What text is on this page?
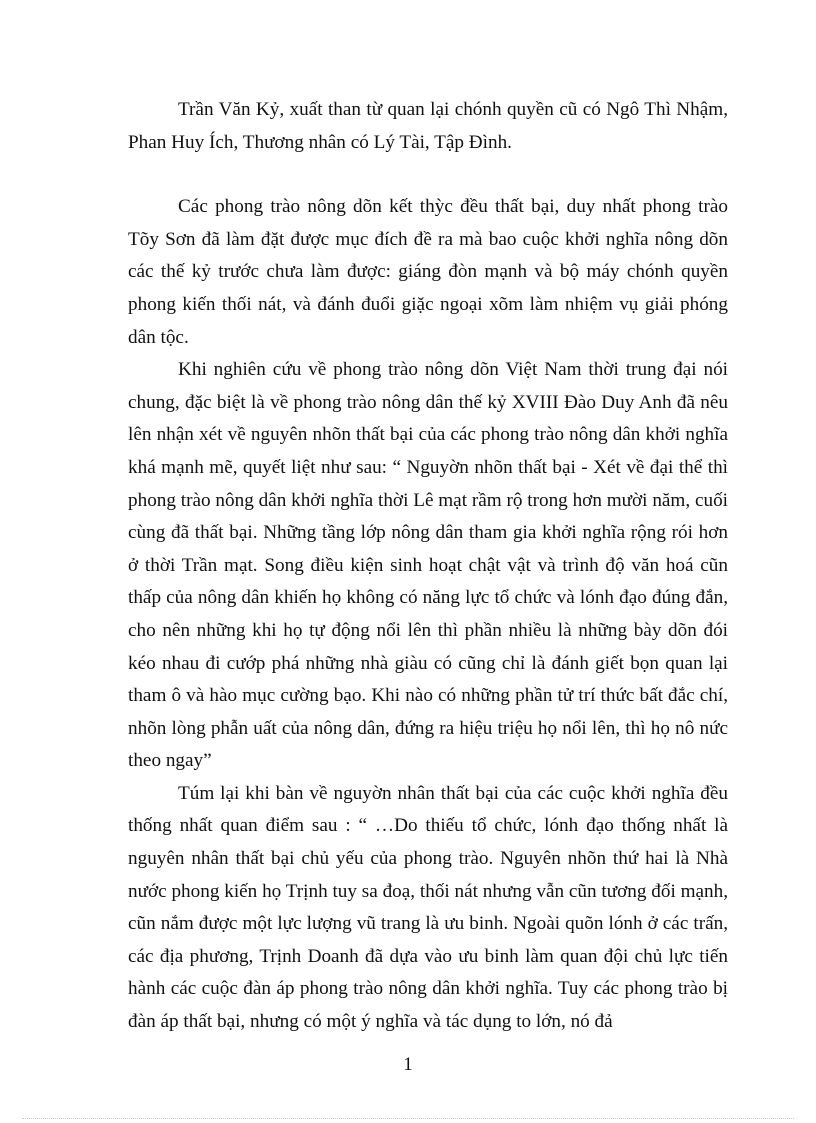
Trần Văn Kỷ, xuất than từ quan lại chónh quyền cũ có Ngô Thì Nhậm, Phan Huy Ích, Thương nhân có Lý Tài, Tập Đình.

Các phong trào nông dõn kết thỳc đều thất bại, duy nhất phong trào Tõy Sơn đã làm đặt được mục đích đề ra mà bao cuộc khởi nghĩa nông dõn các thế kỷ trước chưa làm được: giáng đòn mạnh và bộ máy chónh quyền phong kiến thối nát, và đánh đuổi giặc ngoại xõm làm nhiệm vụ giải phóng dân tộc.

Khi nghiên cứu về phong trào nông dõn Việt Nam thời trung đại nói chung, đặc biệt là về phong trào nông dân thế kỷ XVIII Đào Duy Anh đã nêu lên nhận xét về nguyên nhõn thất bại của các phong trào nông dân khởi nghĩa khá mạnh mẽ, quyết liệt như sau: “ Nguyờn nhõn thất bại - Xét về đại thể thì phong trào nông dân khởi nghĩa thời Lê mạt rầm rộ trong hơn mười năm, cuối cùng đã thất bại. Những tầng lớp nông dân tham gia khởi nghĩa rộng rói hơn ở thời Trần mạt. Song điều kiện sinh hoạt chật vật và trình độ văn hoá cũn thấp của nông dân khiến họ không có năng lực tổ chức và lónh đạo đúng đắn, cho nên những khi họ tự động nổi lên thì phần nhiều là những bày dõn đói kéo nhau đi cướp phá những nhà giàu có cũng chỉ là đánh giết bọn quan lại tham ô và hào mục cường bạo. Khi nào có những phần tử trí thức bất đắc chí, nhõn lòng phẫn uất của nông dân, đứng ra hiệu triệu họ nổi lên, thì họ nô nức theo ngay”

Túm lại khi bàn về nguyờn nhân thất bại của các cuộc khởi nghĩa đều thống nhất quan điểm sau : “ …Do thiếu tổ chức, lónh đạo thống nhất là nguyên nhân thất bại chủ yếu của phong trào. Nguyên nhõn thứ hai là Nhà nước phong kiến họ Trịnh tuy sa đoạ, thối nát nhưng vẫn cũn tương đối mạnh, cũn nắm được một lực lượng vũ trang là ưu binh. Ngoài quõn lónh ở các trấn, các địa phương, Trịnh Doanh đã dựa vào ưu binh làm quan đội chủ lực tiến hành các cuộc đàn áp phong trào nông dân khởi nghĩa. Tuy các phong trào bị đàn áp thất bại, nhưng có một ý nghĩa và tác dụng to lớn, nó đả

1
